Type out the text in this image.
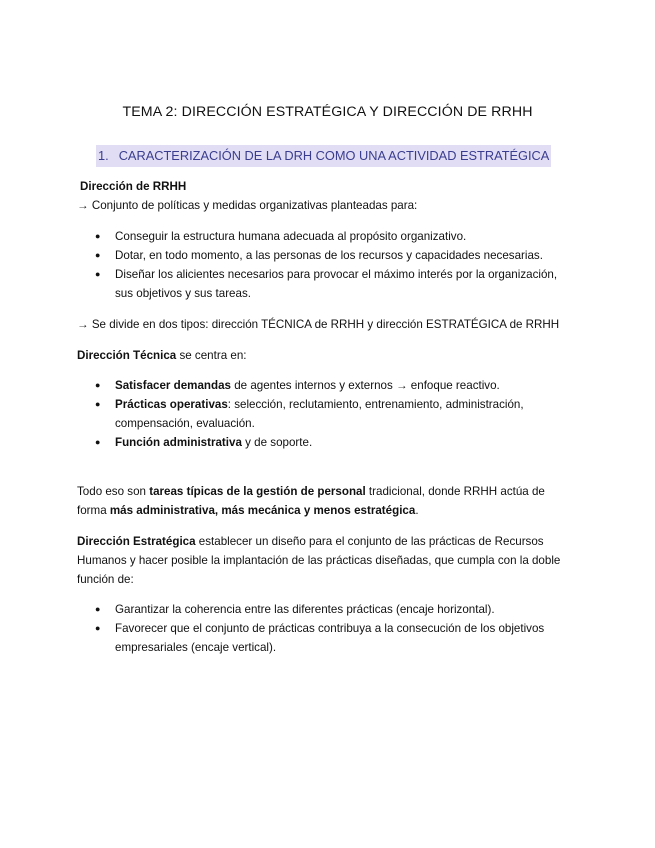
TEMA 2: DIRECCIÓN ESTRATÉGICA Y DIRECCIÓN DE RRHH
1. CARACTERIZACIÓN DE LA DRH COMO UNA ACTIVIDAD ESTRATÉGICA
Dirección de RRHH
→ Conjunto de políticas y medidas organizativas planteadas para:
● Conseguir la estructura humana adecuada al propósito organizativo.
● Dotar, en todo momento, a las personas de los recursos y capacidades necesarias.
● Diseñar los alicientes necesarios para provocar el máximo interés por la organización,
sus objetivos y sus tareas.
→ Se divide en dos tipos: dirección TÉCNICA de RRHH y dirección ESTRATÉGICA de RRHH
Dirección Técnica se centra en:
● Satisfacer demandas de agentes internos y externos → enfoque reactivo.
● Prácticas operativas: selección, reclutamiento, entrenamiento, administración,
compensación, evaluación.
● Función administrativa y de soporte.

Todo eso son tareas típicas de la gestión de personal tradicional, donde RRHH actúa de

forma más administrativa, más mecánica y menos estratégica.

Dirección Estratégica establecer un diseño para el conjunto de las prácticas de Recursos

Humanos y hacer posible la implantación de las prácticas diseñadas, que cumpla con la doble

función de:

● Garantizar la coherencia entre las diferentes prácticas (encaje horizontal).
● Favorecer que el conjunto de prácticas contribuya a la consecución de los objetivos
empresariales (encaje vertical).
